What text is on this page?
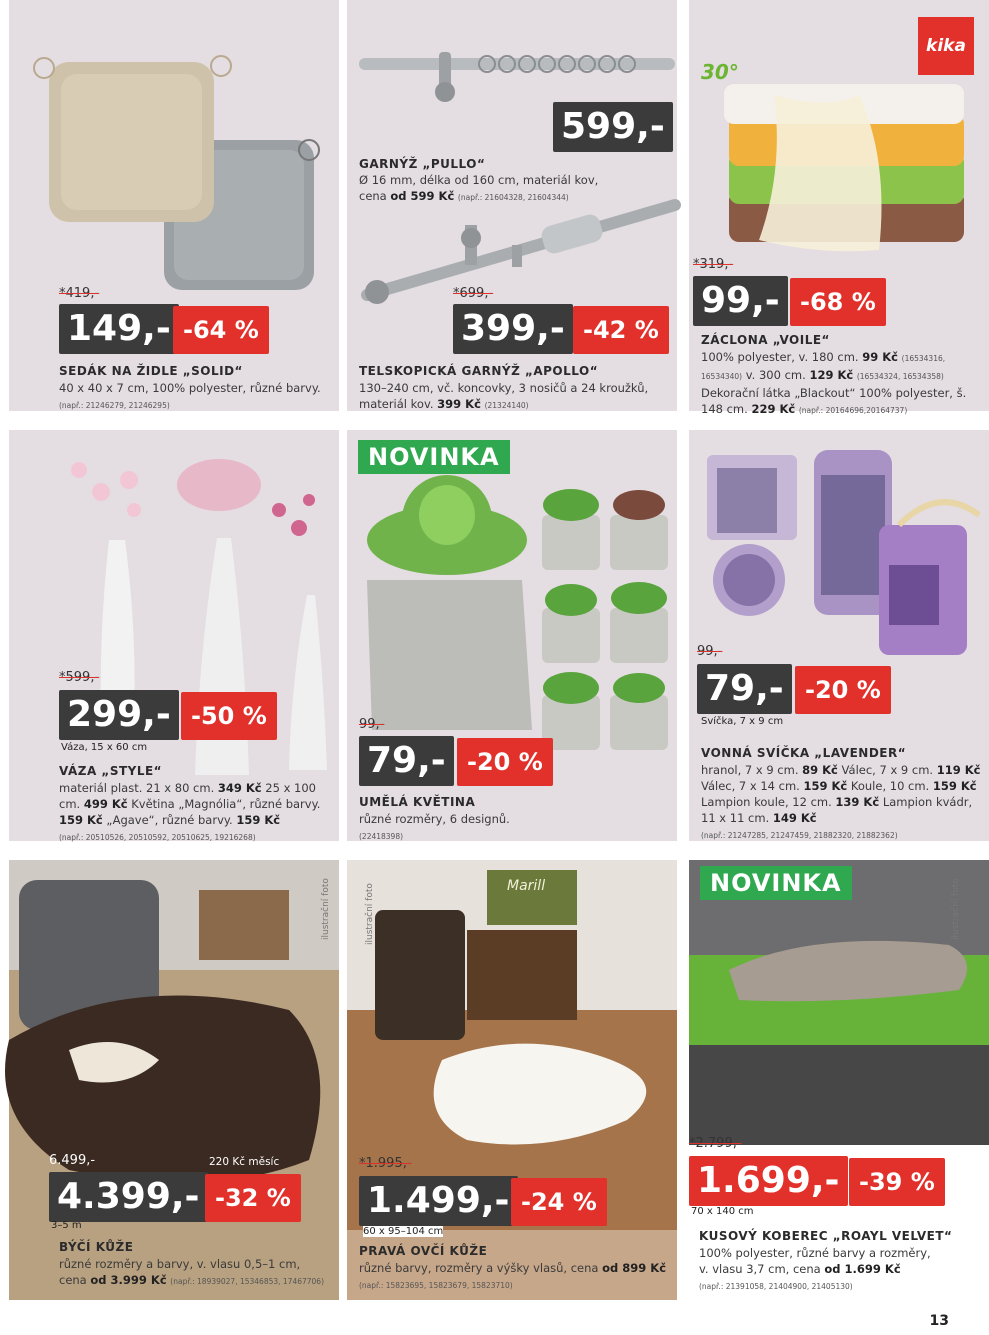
*419,-
149,- -64 %
SEDÁK NA ŽIDLE „SOLID“
40 x 40 x 7 cm, 100% polyester, různé barvy.
(např.: 21246279, 21246295)
599,-
GARNÝŽ „PULLO“
Ø 16 mm, délka od 160 cm, materiál kov,
cena od 599 Kč (např.: 21604328, 21604344)
*699,-
399,- -42 %
TELSKOPICKÁ GARNÝŽ „APOLLO“
130–240 cm, vč. koncovky, 3 nosičů a 24 kroužků,
materiál kov. 399 Kč (21324140)
30°
*319,-
99,- -68 %
ZÁCLONA „VOILE“
100% polyester, v. 180 cm. 99 Kč (16534316, 16534340) v. 300 cm. 129 Kč (16534324, 16534358)
Dekorační látka „Blackout“ 100% polyester, š. 148 cm. 229 Kč (např.: 20164696,20164737)
kika
*599,-
299,- -50 %
Váza, 15 x 60 cm
VÁZA „STYLE“
materiál plast. 21 x 80 cm. 349 Kč 25 x 100 cm. 499 Kč Květina „Magnólia“, různé barvy. 159 Kč „Agave“, různé barvy. 159 Kč
(např.: 20510526, 20510592, 20510625, 19216268)
NOVINKA
99,-
79,- -20 %
UMĚLÁ KVĚTINA
různé rozměry, 6 designů.
(22418398)
99,-
79,- -20 %
Svíčka, 7 x 9 cm
VONNÁ SVÍČKA „LAVENDER“
hranol, 7 x 9 cm. 89 Kč Válec, 7 x 9 cm. 119 Kč Válec, 7 x 14 cm. 159 Kč Koule, 10 cm. 159 Kč Lampion koule, 12 cm. 139 Kč Lampion kvádr, 11 x 11 cm. 149 Kč
(např.: 21247285, 21247459, 21882320, 21882362)
ilustrační foto
6.499,-	220 Kč měsíc
4.399,- -32 %
3–5 m
BÝČÍ KŮŽE
různé rozměry a barvy, v. vlasu 0,5–1 cm,
cena od 3.999 Kč (např.: 18939027, 15346853, 17467706)
Marill
ilustrační foto
*1.995,-
1.499,- -24 %
60 x 95–104 cm
PRAVÁ OVČÍ KŮŽE
různé barvy, rozměry a výšky vlasů, cena od 899 Kč
(např.: 15823695, 15823679, 15823710)
NOVINKA	ilustrační foto
*2.799,-
1.699,- -39 %
70 x 140 cm
KUSOVÝ KOBEREC „ROAYL VELVET“
100% polyester, různé barvy a rozměry,
v. vlasu 3,7 cm, cena od 1.699 Kč
(např.: 21391058, 21404900, 21405130)
13
